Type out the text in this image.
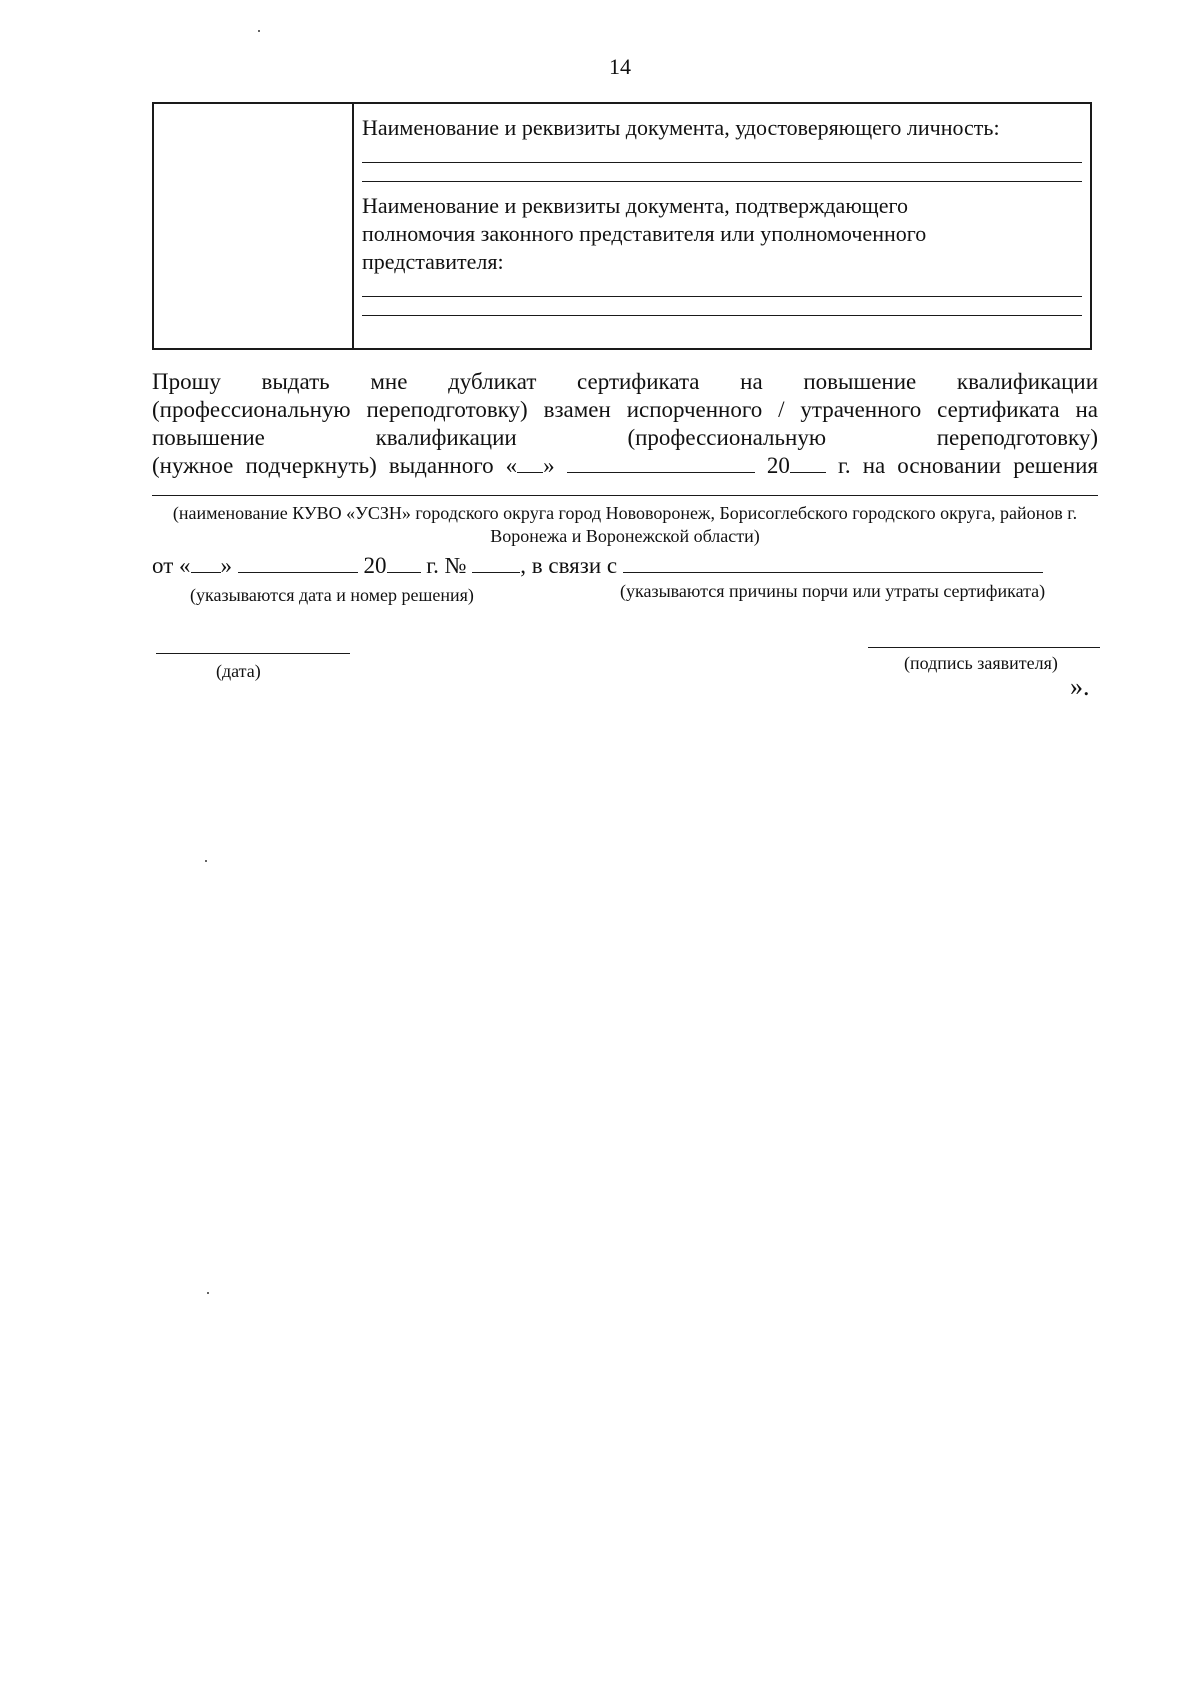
14

Наименование и реквизиты документа, удостоверяющего личность:

Наименование и реквизиты документа, подтверждающего полномочия законного представителя или уполномоченного представителя:

Прошу выдать мне дубликат сертификата на повышение квалификации
(профессиональную переподготовку) взамен испорченного / утраченного сертификата на
повышение квалификации (профессиональную переподготовку)
(нужное подчеркнуть) выданного « »	20 г. на основании решения
(наименование КУВО «УСЗН» городского округа город Нововоронеж, Борисоглебского городского округа, районов г. Воронежа и Воронежской области)
от « »	20 г. № , в связи с
(указываются дата и номер решения)	(указываются причины порчи или утраты сертификата)
(дата)	(подпись заявителя)
».
